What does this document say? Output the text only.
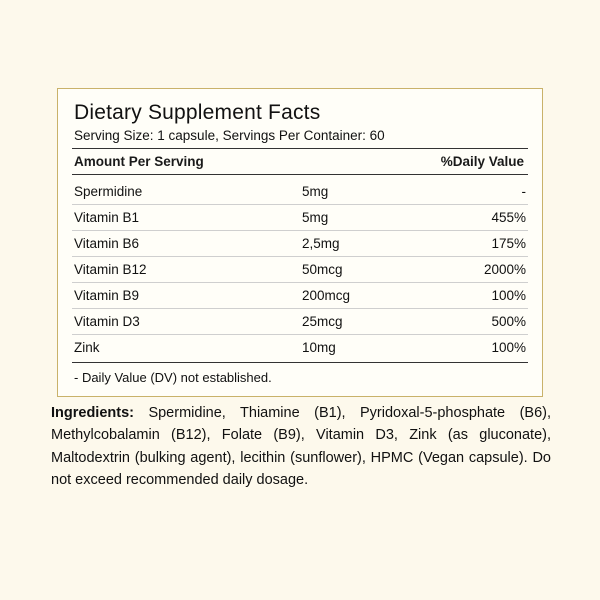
Dietary Supplement Facts
Serving Size: 1 capsule, Servings Per Container: 60
Amount Per Serving	%Daily Value
Spermidine	5mg	-
Vitamin B1	5mg	455%
Vitamin B6	2,5mg	175%
Vitamin B12	50mcg	2000%
Vitamin B9	200mcg	100%
Vitamin D3	25mcg	500%
Zink	10mg	100%
- Daily Value (DV) not established.
Ingredients: Spermidine, Thiamine (B1), Pyridoxal-5-phosphate (B6), Methylcobalamin (B12), Folate (B9), Vitamin D3, Zink (as gluconate), Maltodextrin (bulking agent), lecithin (sunflower), HPMC (Vegan capsule). Do not exceed recommended daily dosage.
